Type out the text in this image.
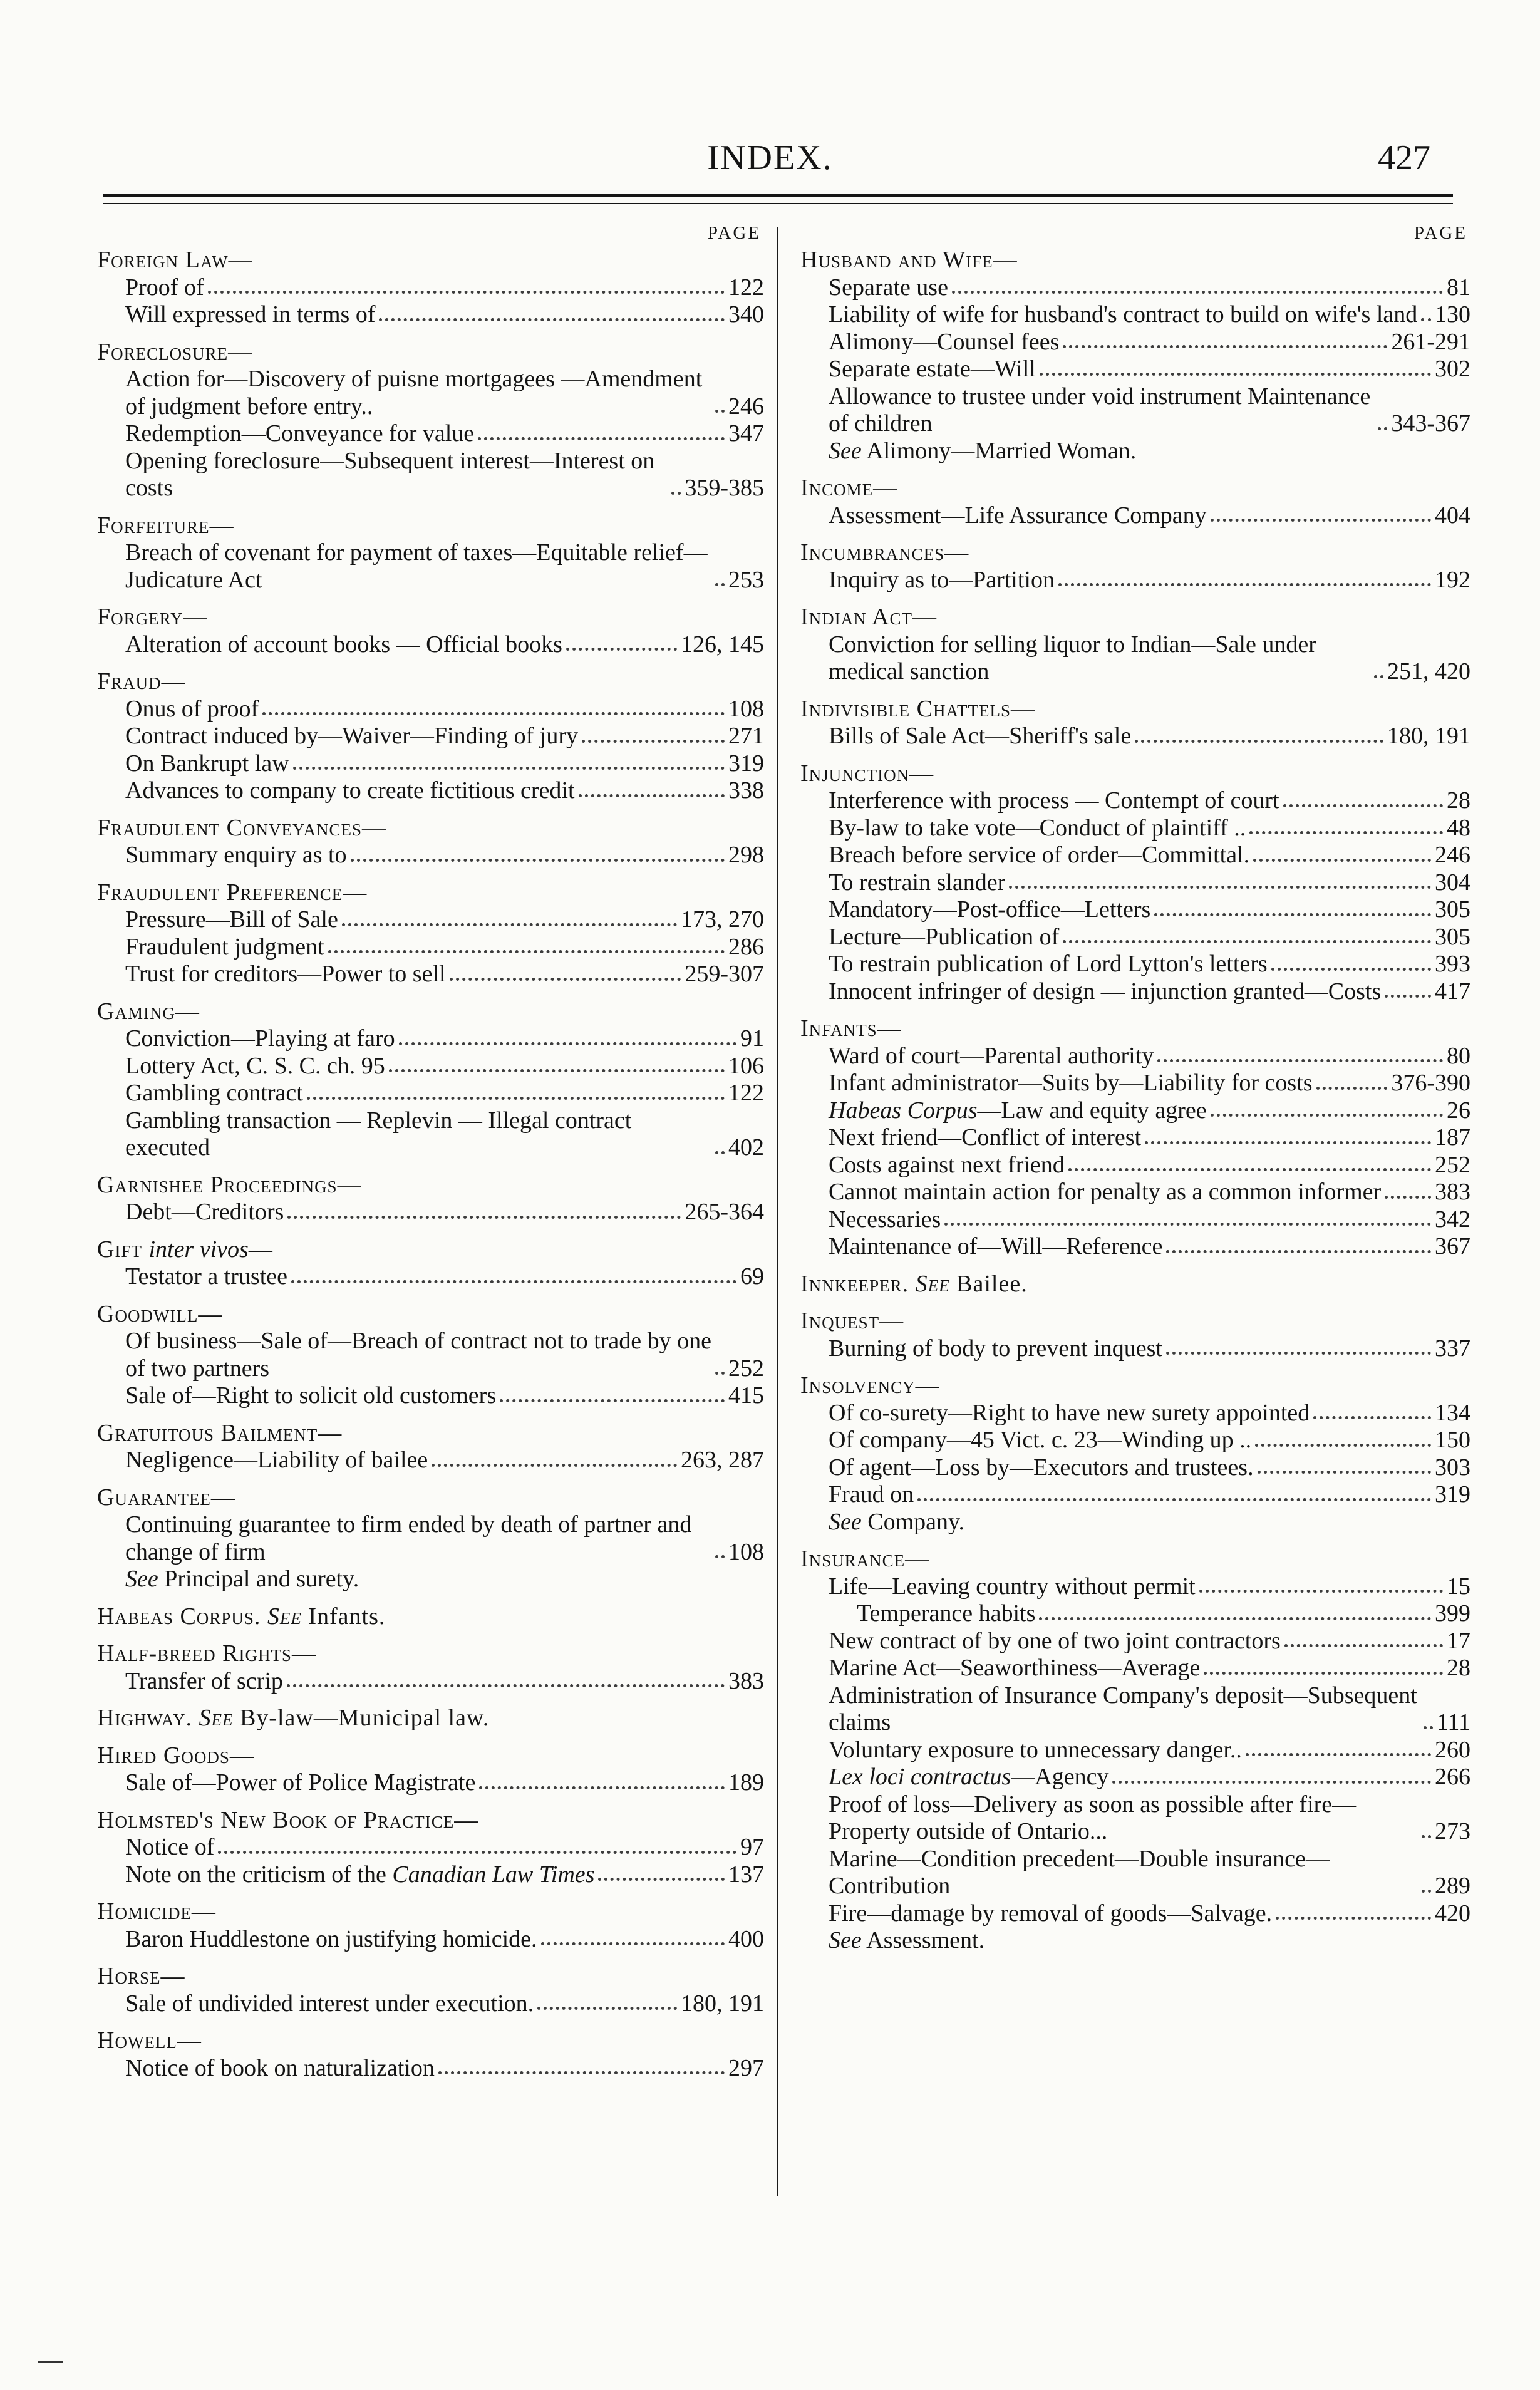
INDEX.	427
PAGE
Foreign Law—
Proof of	122
Will expressed in terms of	340
Foreclosure—
Action for—Discovery of puisne mortgagees —Amendment of judgment before entry..	246
Redemption—Conveyance for value	347
Opening foreclosure—Subsequent interest—Interest on costs	359-385
Forfeiture—
Breach of covenant for payment of taxes—Equitable relief—Judicature Act	253
Forgery—
Alteration of account books — Official books	126, 145
Fraud—
Onus of proof	108
Contract induced by—Waiver—Finding of jury	271
On Bankrupt law	319
Advances to company to create fictitious credit	338
Fraudulent Conveyances—
Summary enquiry as to	298
Fraudulent Preference—
Pressure—Bill of Sale	173, 270
Fraudulent judgment	286
Trust for creditors—Power to sell	259-307
Gaming—
Conviction—Playing at faro	91
Lottery Act, C. S. C. ch. 95	106
Gambling contract	122
Gambling transaction — Replevin — Illegal contract executed	402
Garnishee Proceedings—
Debt—Creditors	265-364
Gift inter vivos—
Testator a trustee	69
Goodwill—
Of business—Sale of—Breach of contract not to trade by one of two partners	252
Sale of—Right to solicit old customers	415
Gratuitous Bailment—
Negligence—Liability of bailee	263, 287
Guarantee—
Continuing guarantee to firm ended by death of partner and change of firm	108
See Principal and surety.
Habeas Corpus. See Infants.
Half-breed Rights—
Transfer of scrip	383
Highway. See By-law—Municipal law.
Hired Goods—
Sale of—Power of Police Magistrate	189
Holmsted's New Book of Practice—
Notice of	97
Note on the criticism of the Canadian Law Times	137
Homicide—
Baron Huddlestone on justifying homicide.	400
Horse—
Sale of undivided interest under execution.	180, 191
Howell—
Notice of book on naturalization	297
PAGE
Husband and Wife—
Separate use	81
Liability of wife for husband's contract to build on wife's land 130
Alimony—Counsel fees	261-291
Separate estate—Will	302
Allowance to trustee under void instrument Maintenance of children	343-367
See Alimony—Married Woman.
Income—
Assessment—Life Assurance Company	404
Incumbrances—
Inquiry as to—Partition	192
Indian Act—
Conviction for selling liquor to Indian—Sale under medical sanction	251, 420
Indivisible Chattels—
Bills of Sale Act—Sheriff's sale	180, 191
Injunction—
Interference with process — Contempt of court	28
By-law to take vote—Conduct of plaintiff ..	48
Breach before service of order—Committal.	246
To restrain slander	304
Mandatory—Post-office—Letters	305
Lecture—Publication of	305
To restrain publication of Lord Lytton's letters	393
Innocent infringer of design — injunction granted—Costs 417
Infants—
Ward of court—Parental authority	80
Infant administrator—Suits by—Liability for costs	376-390
Habeas Corpus—Law and equity agree	26
Next friend—Conflict of interest	187
Costs against next friend	252
Cannot maintain action for penalty as a common informer 383
Necessaries	342
Maintenance of—Will—Reference	367
Innkeeper. See Bailee.
Inquest—
Burning of body to prevent inquest	337
Insolvency—
Of co-surety—Right to have new surety appointed	134
Of company—45 Vict. c. 23—Winding up ..	150
Of agent—Loss by—Executors and trustees.	303
Fraud on	319
See Company.
Insurance—
Life—Leaving country without permit	15
Temperance habits	399
New contract of by one of two joint contractors	17
Marine Act—Seaworthiness—Average	28
Administration of Insurance Company's deposit—Subsequent claims	111
Voluntary exposure to unnecessary danger..	260
Lex loci contractus—Agency	266
Proof of loss—Delivery as soon as possible after fire—Property outside of Ontario...	273
Marine—Condition precedent—Double insurance—Contribution	289
Fire—damage by removal of goods—Salvage.	420
See Assessment.
